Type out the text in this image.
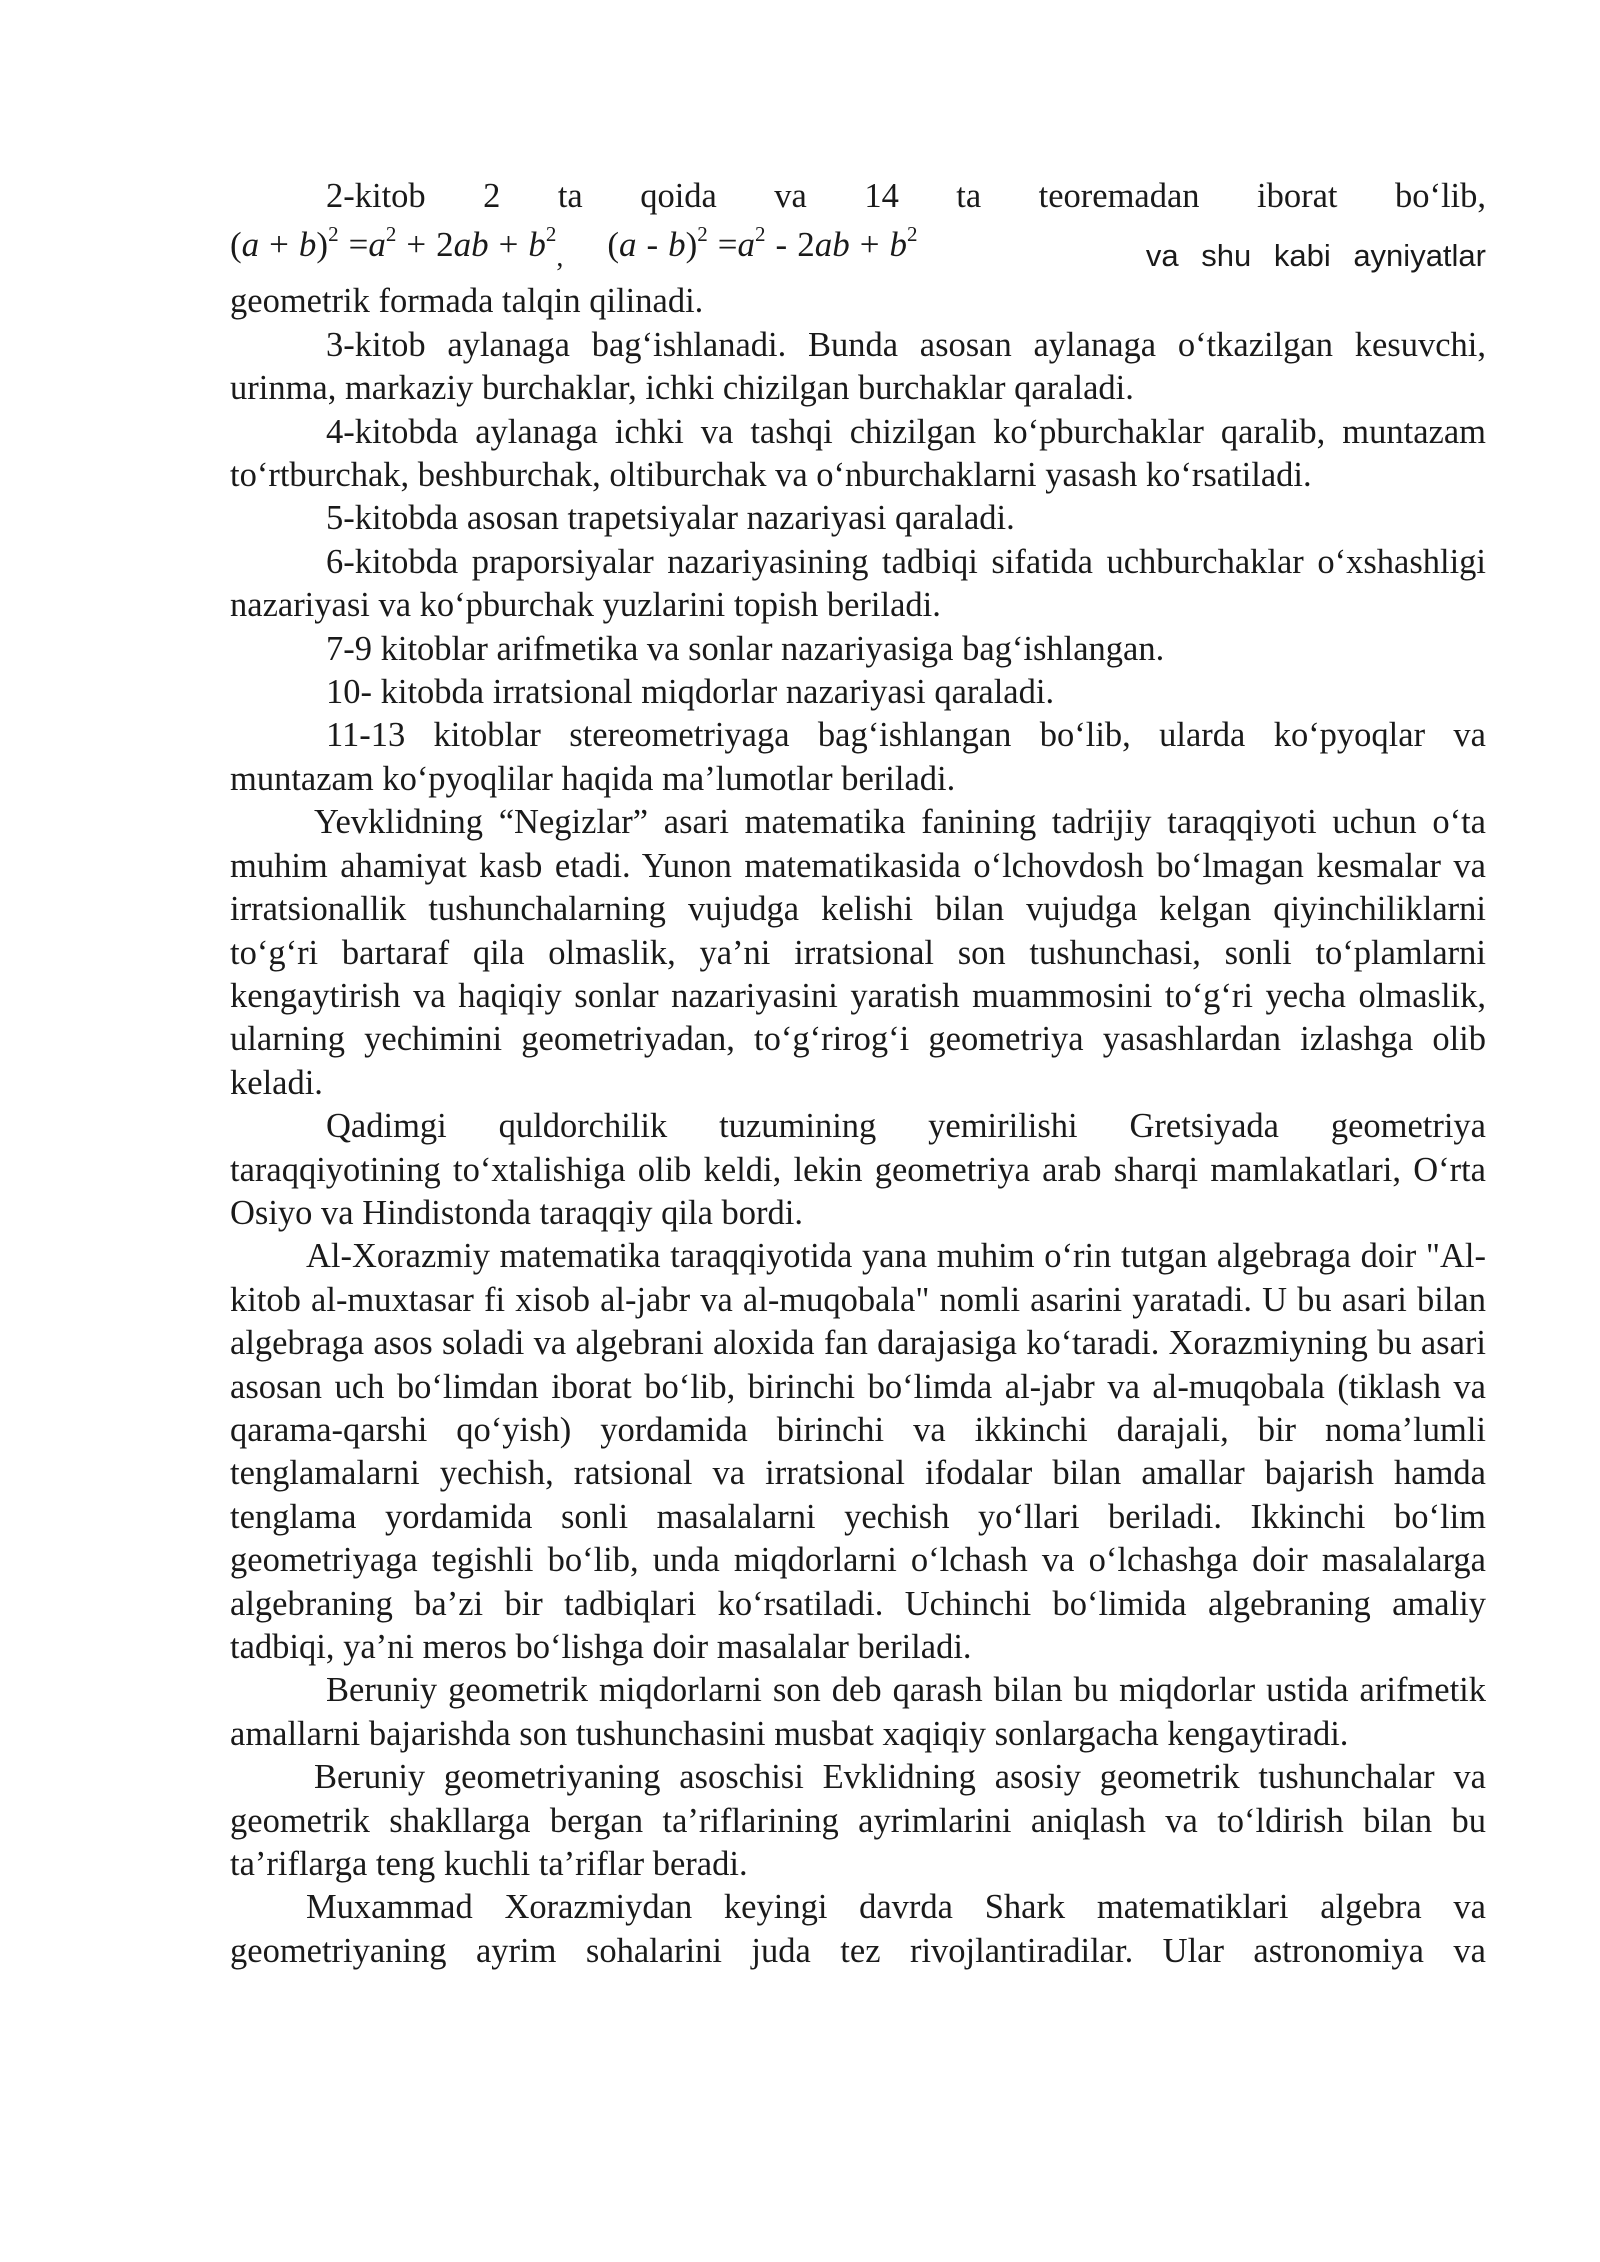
2-kitob 2 ta qoida va 14 ta teoremadan iborat bo‘lib,

$(a + b)^2 =a^2 + 2ab + b^2_,$ $(a - b)^2 =a^2 - 2ab + b^2$
va shu kabi ayniyatlar

geometrik formada talqin qilinadi.

3-kitob aylanaga bag‘ishlanadi. Bunda asosan aylanaga o‘tkazilgan kesuvchi, urinma, markaziy burchaklar, ichki chizilgan burchaklar qaraladi.

4-kitobda aylanaga ichki va tashqi chizilgan ko‘pburchaklar qaralib, muntazam to‘rtburchak, beshburchak, oltiburchak va o‘nburchaklarni yasash ko‘rsatiladi.

5-kitobda asosan trapetsiyalar nazariyasi qaraladi.

6-kitobda praporsiyalar nazariyasining tadbiqi sifatida uchburchaklar o‘xshashligi nazariyasi va ko‘pburchak yuzlarini topish beriladi.

7-9 kitoblar arifmetika va sonlar nazariyasiga bag‘ishlangan.

10- kitobda irratsional miqdorlar nazariyasi qaraladi.

11-13 kitoblar stereometriyaga bag‘ishlangan bo‘lib, ularda ko‘pyoqlar va muntazam ko‘pyoqlilar haqida ma’lumotlar beriladi.

Yevklidning “Negizlar” asari matematika fanining tadrijiy taraqqiyoti uchun o‘ta muhim ahamiyat kasb etadi. Yunon matematikasida o‘lchovdosh bo‘lmagan kesmalar va irratsionallik tushunchalarning vujudga kelishi bilan vujudga kelgan qiyinchiliklarni to‘g‘ri bartaraf qila olmaslik, ya’ni irratsional son tushunchasi, sonli to‘plamlarni kengaytirish va haqiqiy sonlar nazariyasini yaratish muammosini to‘g‘ri yecha olmaslik, ularning yechimini geometriyadan, to‘g‘rirog‘i geometriya yasashlardan izlashga olib keladi.

Qadimgi quldorchilik tuzumining yemirilishi Gretsiyada geometriya taraqqiyotining to‘xtalishiga olib keldi, lekin geometriya arab sharqi mamlakatlari, O‘rta Osiyo va Hindistonda taraqqiy qila bordi.

Al-Xorazmiy matematika taraqqiyotida yana muhim o‘rin tutgan algebraga doir "Al-kitob al-muxtasar fi xisob al-jabr va al-muqobala" nomli asarini yaratadi. U bu asari bilan algebraga asos soladi va algebrani aloxida fan darajasiga ko‘taradi. Xorazmiyning bu asari asosan uch bo‘limdan iborat bo‘lib, birinchi bo‘limda al-jabr va al-muqobala (tiklash va qarama-qarshi qo‘yish) yordamida birinchi va ikkinchi darajali, bir noma’lumli tenglamalarni yechish, ratsional va irratsional ifodalar bilan amallar bajarish hamda tenglama yordamida sonli masalalarni yechish yo‘llari beriladi. Ikkinchi bo‘lim geometriyaga tegishli bo‘lib, unda miqdorlarni o‘lchash va o‘lchashga doir masalalarga algebraning ba’zi bir tadbiqlari ko‘rsatiladi. Uchinchi bo‘limida algebraning amaliy tadbiqi, ya’ni meros bo‘lishga doir masalalar beriladi.

Beruniy geometrik miqdorlarni son deb qarash bilan bu miqdorlar ustida arifmetik amallarni bajarishda son tushunchasini musbat xaqiqiy sonlargacha kengaytiradi.

Beruniy geometriyaning asoschisi Evklidning asosiy geometrik tushunchalar va geometrik shakllarga bergan ta’riflarining ayrimlarini aniqlash va to‘ldirish bilan bu ta’riflarga teng kuchli ta’riflar beradi.

Muxammad Xorazmiydan keyingi davrda Shark matematiklari algebra va geometriyaning ayrim sohalarini juda tez rivojlantiradilar. Ular astronomiya va
